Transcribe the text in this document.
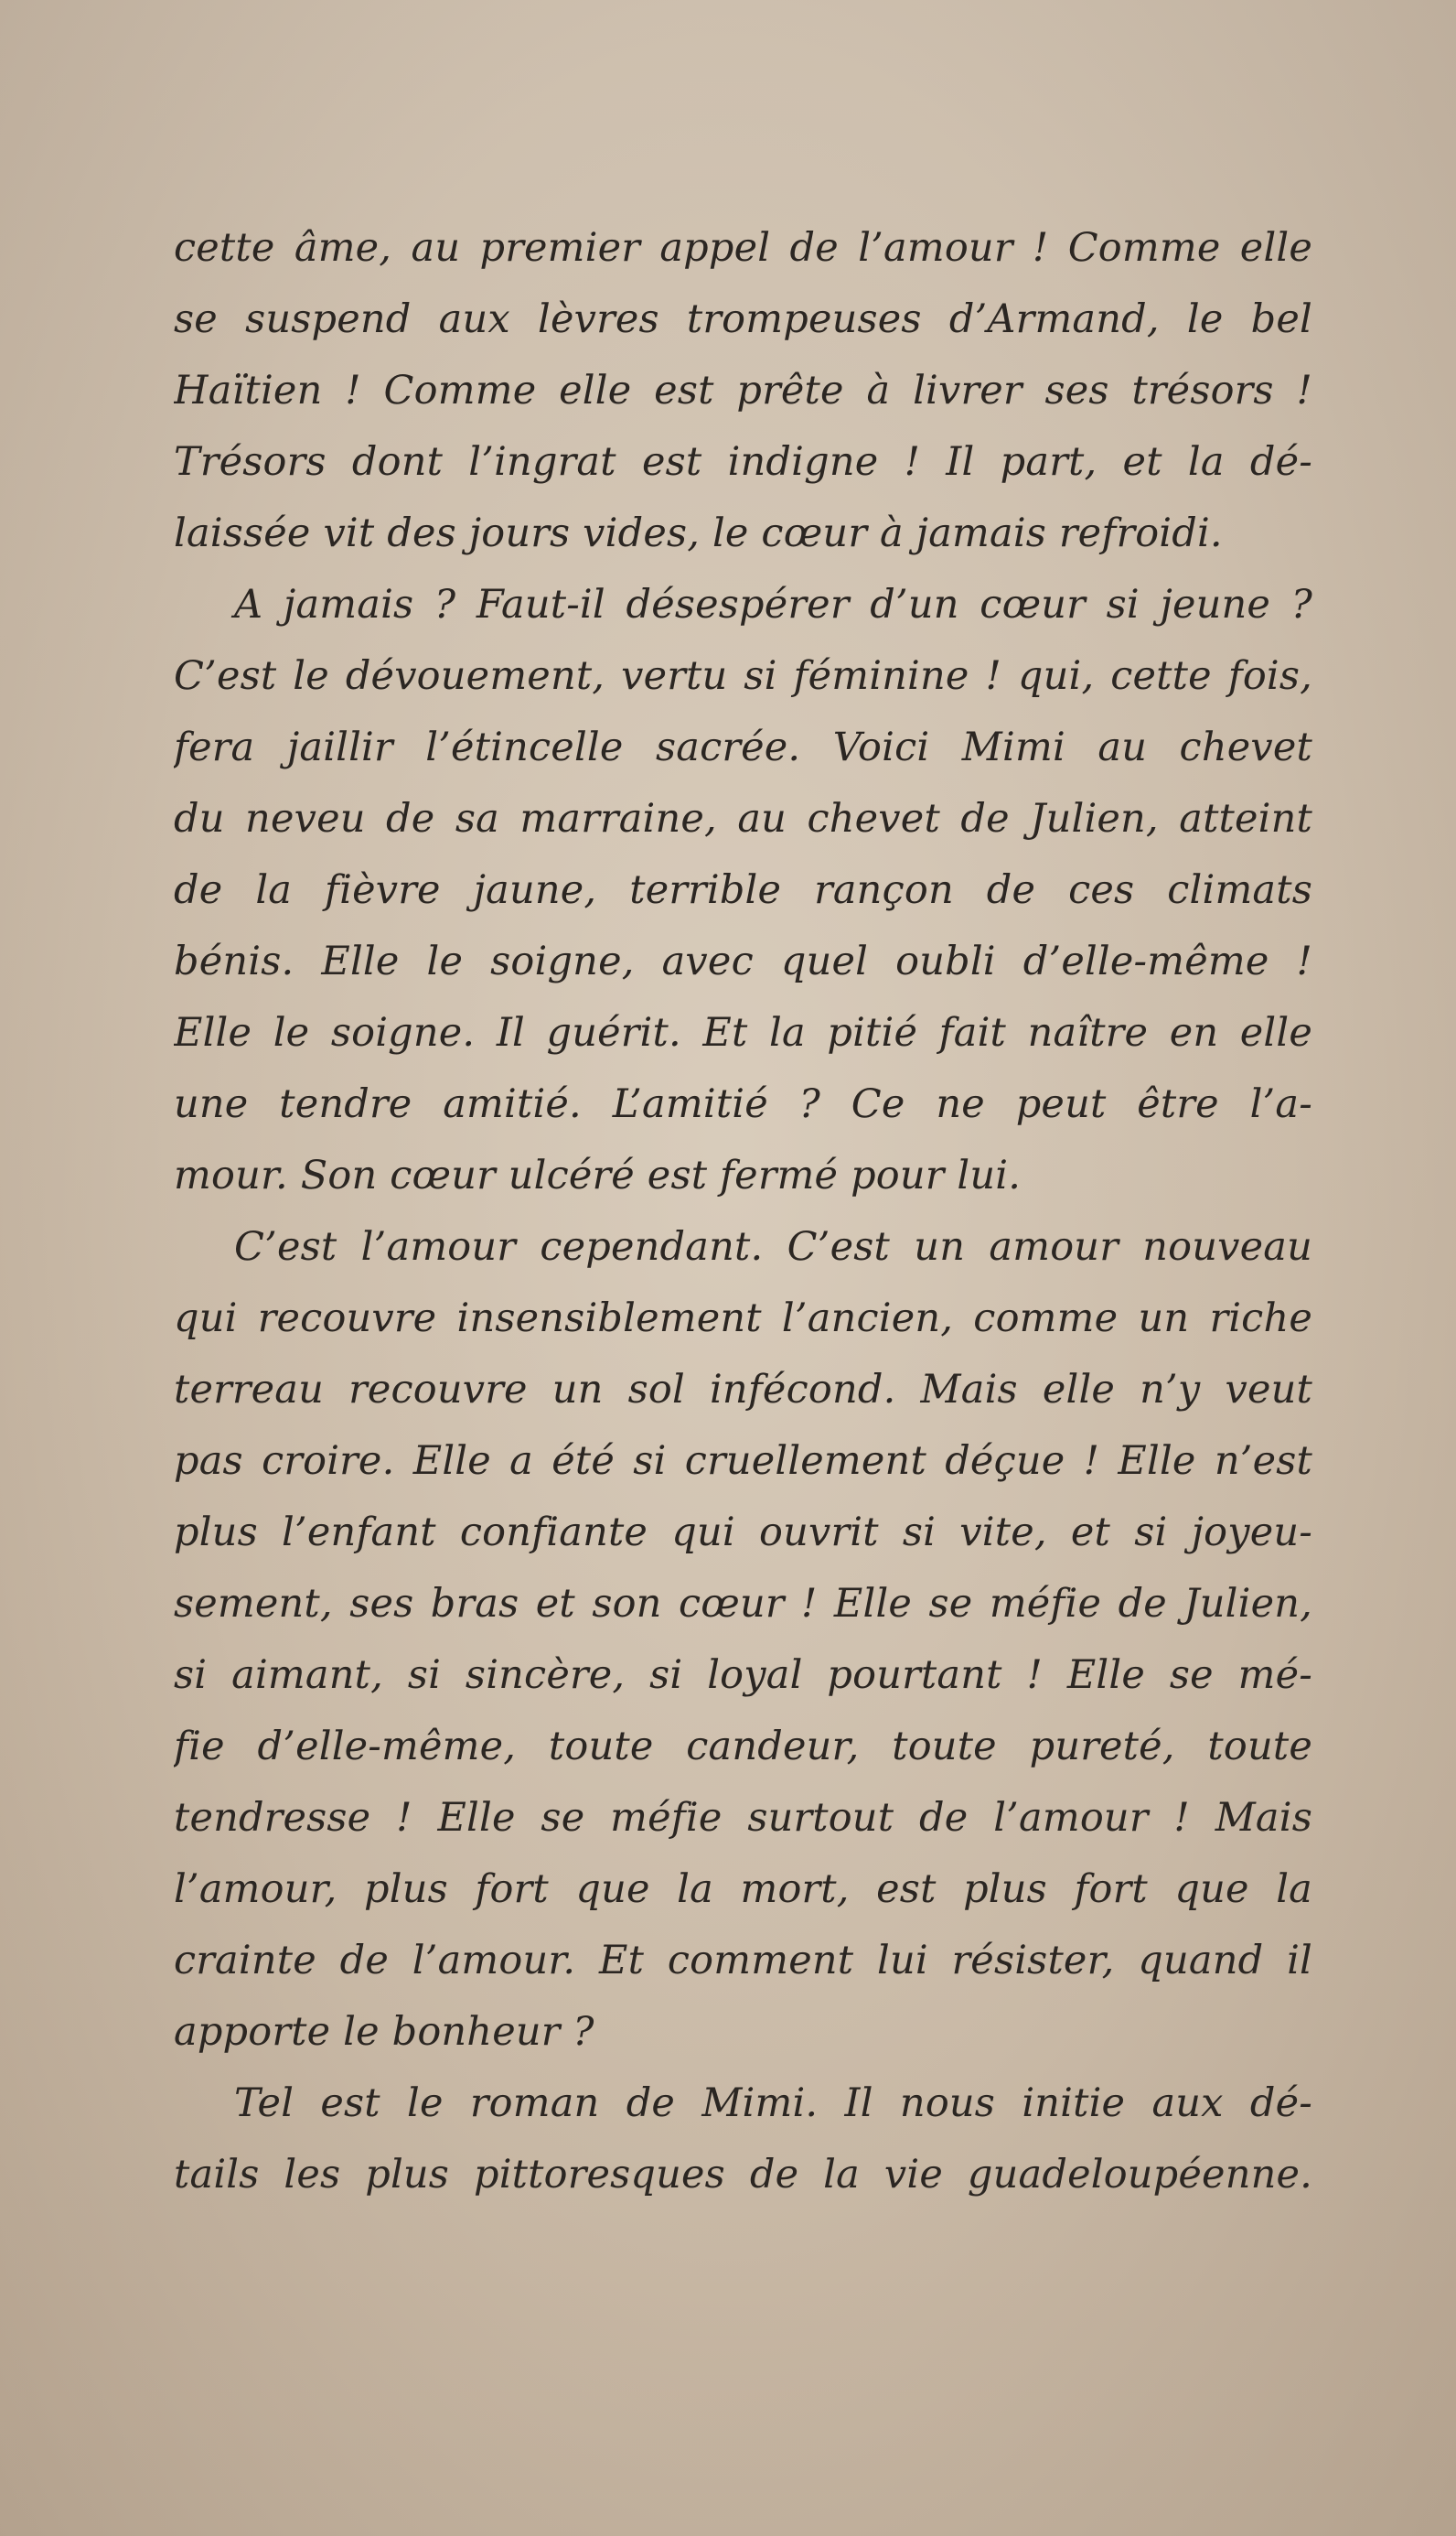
cette âme, au premier appel de l’amour ! Comme elle
se suspend aux lèvres trompeuses d’Armand, le bel
Haïtien ! Comme elle est prête à livrer ses trésors !
Trésors dont l’ingrat est indigne ! Il part, et la dé-
laissée vit des jours vides, le cœur à jamais refroidi.
A jamais ? Faut-il désespérer d’un cœur si jeune ?
C’est le dévouement, vertu si féminine ! qui, cette fois,
fera jaillir l’étincelle sacrée. Voici Mimi au chevet
du neveu de sa marraine, au chevet de Julien, atteint
de la fièvre jaune, terrible rançon de ces climats
bénis. Elle le soigne, avec quel oubli d’elle-même !
Elle le soigne. Il guérit. Et la pitié fait naître en elle
une tendre amitié. L’amitié ? Ce ne peut être l’a-
mour. Son cœur ulcéré est fermé pour lui.
C’est l’amour cependant. C’est un amour nouveau
qui recouvre insensiblement l’ancien, comme un riche
terreau recouvre un sol infécond. Mais elle n’y veut
pas croire. Elle a été si cruellement déçue ! Elle n’est
plus l’enfant confiante qui ouvrit si vite, et si joyeu-
sement, ses bras et son cœur ! Elle se méfie de Julien,
si aimant, si sincère, si loyal pourtant ! Elle se mé-
fie d’elle-même, toute candeur, toute pureté, toute
tendresse ! Elle se méfie surtout de l’amour ! Mais
l’amour, plus fort que la mort, est plus fort que la
crainte de l’amour. Et comment lui résister, quand il
apporte le bonheur ?
Tel est le roman de Mimi. Il nous initie aux dé-
tails les plus pittoresques de la vie guadeloupéenne.
